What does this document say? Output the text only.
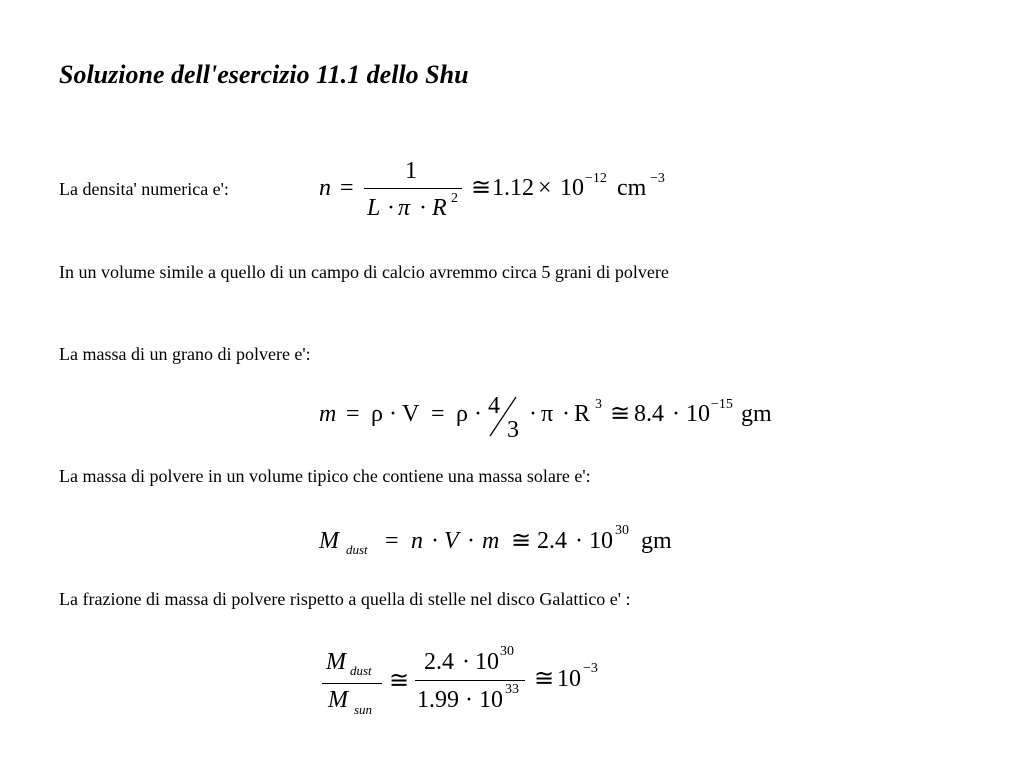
Soluzione dell'esercizio 11.1 dello Shu
La densita' numerica e':	n =
1
L · π · R 2 ≅ 1.12 × 10 −12 cm −3
In un volume simile a quello di un campo di calcio avremmo circa 5 grani di polvere
La massa di un grano di polvere e':
m = ρ · V = ρ · 4
3
· π · R 3 ≅ 8.4 · 10 −15 gm
La massa di polvere in un volume tipico che contiene una massa solare e':
M dust = n · V · m ≅ 2.4 · 10 30 gm
La frazione di massa di polvere rispetto a quella di stelle nel disco Galattico e' :
M dust
M sun
≅
2.4 · 10 30
1.99 · 10 33 ≅ 10 −3
